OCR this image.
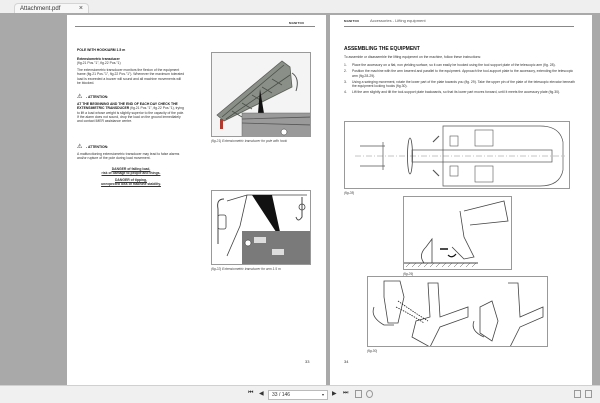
Attachment.pdf	×
MANITOU
POLE WITH HOOK/ARM 1.5 m
Extensiometric transducer
(fig.21 Pos."1", fig.22 Pos."1)
The extensiometric transducer monitors the flexion of the equipment frame (fig.21 Pos."1", fig.22 Pos."1"). Whenever the maximum tolerated load is exceeded a buzzer will sound and all machine movements will be blocked.
⚠ - ATTENTION:
AT THE BEGINNING AND THE END OF EACH DAY CHECK THE EXTENSIMETRIC TRANSDUCER (fig.21 Pos."1", fig.22 Pos."1), trying to lift a load whose weight is slightly superior to the capacity of the pole. If the alarm does not sound, drop the load on the ground immediately and contact IMER assistance centre.
⚠ - ATTENTION:
A malfunctioning extensiometric transducer may lead to false alarms and/or rupture of the pole during load movement.
DANGER of falling load,
risk of damage to people and things.
DANGER of tipping,
unexpected loss of machine stability.
(fig.21) Extensiometric transducer for pole with hook
(fig.22) Extensiometric transducer for arm 1.5 m
33
MANITOU	Accessories - Lifting equipment
ASSEMBLING THE EQUIPMENT
To assemble or disassemble the lifting equipment on the machine, follow these instructions:
1.	Place the accessory on a flat, non yielding surface, so it can easily be hooked using the tool support plate of the telescopic arm (fig. 28).
2.	Position the machine with the arm lowered and parallel to the equipment. Approach the tool-support plate to the accessory, extending the telescopic arm (fig.28-29).
3.	Using a swinging movement, rotate the lower part of the plate towards you (fig. 29). Take the upper pin of the plate of the telescopic elevator beneath the equipment locking hooks (fig.30).
4.	Lift the arm slightly and tilt the tool-support plate backwards, so that its lower part moves forward, until it meets the accessory plate (fig.30).
(fig.28)
(fig.29)
(fig.30)
34
⏮ ◀	33 / 146	▾ ▶ ⏭
